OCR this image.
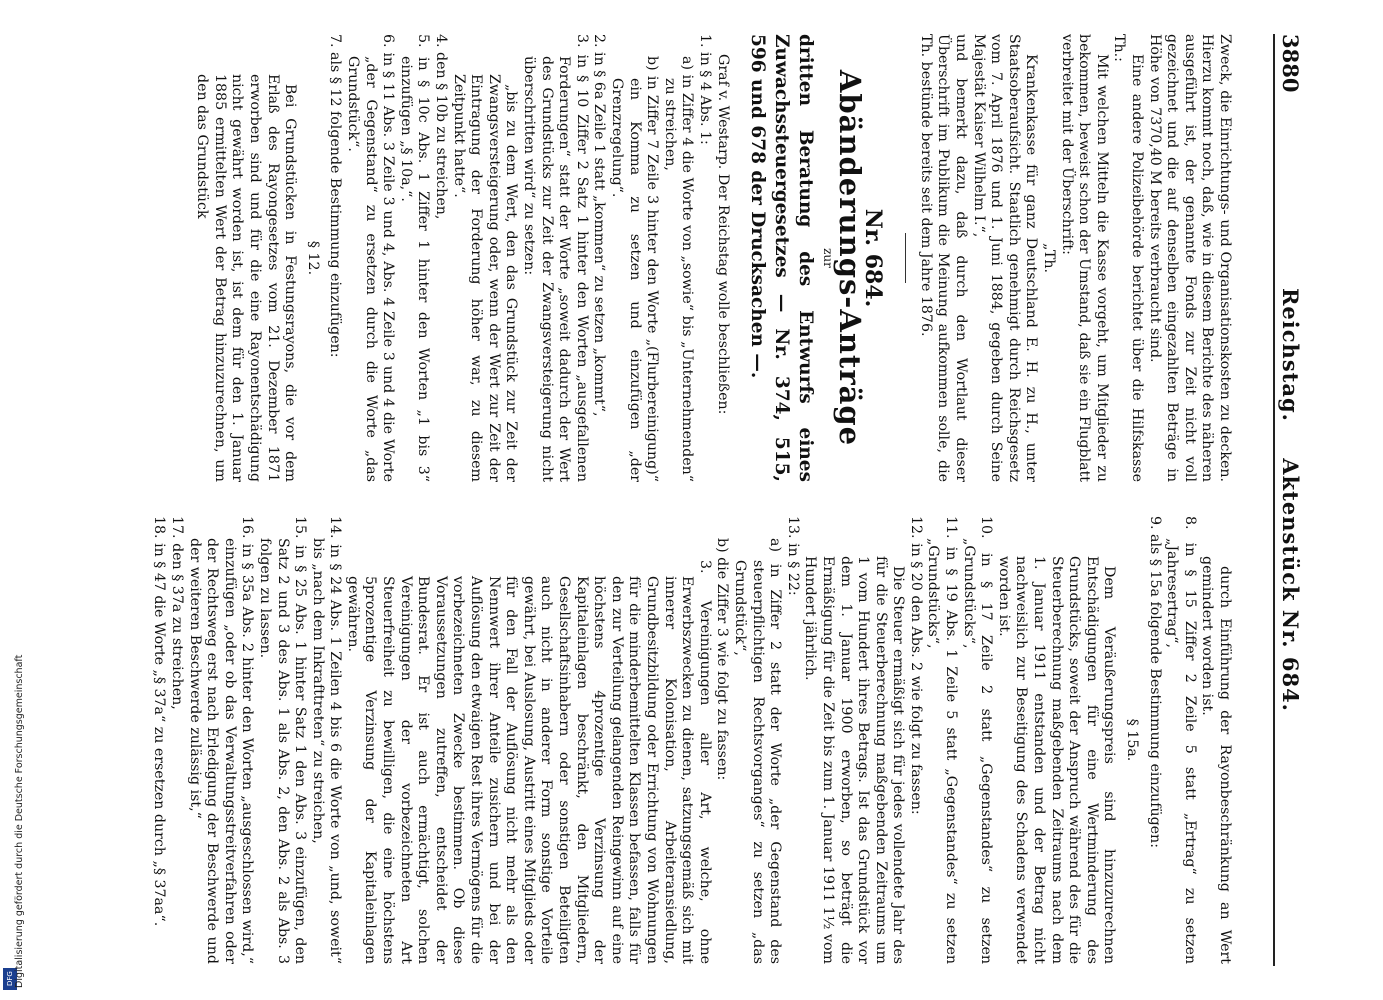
3880
Reichstag. Aktenstück Nr. 684.

Zweck, die Einrichtungs- und Organisationskosten zu decken. Hierzu kommt noch, daß, wie in diesem Berichte des näheren ausgeführt ist, der genannte Fonds zur Zeit nicht voll gezeichnet und die auf denselben eingezahlten Beträge in Höhe von 7370,40 M bereits verbraucht sind.

Eine andere Polizeibehörde berichtet über die Hilfskasse Th.:

Mit welchen Mitteln die Kasse vorgeht, um Mitglieder zu bekommen, beweist schon der Umstand, daß sie ein Flugblatt verbreitet mit der Überschrift:

„Th.

Krankenkasse für ganz Deutschland E. H. zu H., unter Staatsoberaufsicht. Staatlich genehmigt durch Reichsgesetz vom 7. April 1876 und 1. Juni 1884, gegeben durch Seine Majestät Kaiser Wilhelm I.“,

und bemerkt dazu, daß durch den Wortlaut dieser Überschrift im Publikum die Meinung aufkommen solle, die Th. bestünde bereits seit dem Jahre 1876.

Nr. 684.

Abänderungs-Anträge

zur

dritten Beratung des Entwurfs eines Zuwachssteuergesetzes — Nr. 374, 515, 596 und 678 der Drucksachen —.

Graf v. Westarp. Der Reichstag wolle beschließen:

1. in § 4 Abs. 1:

a) in Ziffer 4 die Worte von „sowie“ bis „Unternehmenden“ zu streichen,

b) in Ziffer 7 Zeile 3 hinter den Worte „(Flurbereinigung)“ ein Komma zu setzen und einzufügen „der Grenzregelung“.

2. in § 6a Zeile 1 statt „kommen“ zu setzen „kommt“,

3. in § 10 Ziffer 2 Satz 1 hinter den Worten „ausgefallenen Forderungen“ statt der Worte „soweit dadurch der Wert des Grundstücks zur Zeit der Zwangsversteigerung nicht überschritten wird“ zu setzen:

„bis zu dem Wert, den das Grundstück zur Zeit der Zwangsversteigerung oder, wenn der Wert zur Zeit der Eintragung der Forderung höher war, zu diesem Zeitpunkt hatte“.

4. den § 10b zu streichen,

5. in § 10c Abs. 1 Ziffer 1 hinter den Worten „1 bis 3“ einzufügen „§ 10a,“.

6. in § 11 Abs. 3 Zeile 3 und 4, Abs. 4 Zeile 3 und 4 die Worte „der Gegenstand“ zu ersetzen durch die Worte „das Grundstück“.

7. als § 12 folgende Bestimmung einzufügen:

§ 12.

Bei Grundstücken in Festungsrayons, die vor dem Erlaß des Rayongesetzes vom 21. Dezember 1871 erworben sind und für die eine Rayonentschädigung nicht gewährt worden ist, ist dem für den 1. Januar 1885 ermittelten Wert der Betrag hinzuzurechnen, um den das Grundstück

durch Einführung der Rayonbeschränkung an Wert gemindert worden ist.

8. in § 15 Ziffer 2 Zeile 5 statt „Ertrag“ zu setzen „Jahresertrag“,

9. als § 15a folgende Bestimmung einzufügen:

§ 15a.

Dem Veräußerungspreis sind hinzuzurechnen Entschädigungen für eine Wertminderung des Grundstücks, soweit der Anspruch während des für die Steuerberechnung maßgebenden Zeitraums nach dem 1. Januar 1911 entstanden und der Betrag nicht nachweislich zur Beseitigung des Schadens verwendet worden ist.

10. in § 17 Zeile 2 statt „Gegenstandes“ zu setzen „Grundstücks“,

11. in § 19 Abs. 1 Zeile 5 statt „Gegenstandes“ zu setzen „Grundstücks“,

12. in § 20 den Abs. 2 wie folgt zu fassen:

Die Steuer ermäßigt sich für jedes vollendete Jahr des für die Steuerberechnung maßgebenden Zeitraums um 1 vom Hundert ihres Betrags. Ist das Grundstück vor dem 1. Januar 1900 erworben, so beträgt die Ermäßigung für die Zeit bis zum 1. Januar 1911 1½ vom Hundert jährlich.

13. in § 22:

a) in Ziffer 2 statt der Worte „der Gegenstand des steuerpflichtigen Rechtsvorganges“ zu setzen „das Grundstück“,

b) die Ziffer 3 wie folgt zu fassen:

3. Vereinigungen aller Art, welche, ohne Erwerbszwecken zu dienen, satzungsgemäß sich mit innerer Kolonisation, Arbeiteransiedlung, Grundbesitzbildung oder Errichtung von Wohnungen für die minderbemittelten Klassen befassen, falls für den zur Verteilung gelangenden Reingewinn auf eine höchstens 4prozentige Verzinsung der Kapitaleinlagen beschränkt, den Mitgliedern, Gesellschaftsinhabern oder sonstigen Beteiligten auch nicht in anderer Form sonstige Vorteile gewährt, bei Auslosung, Austritt eines Mitglieds oder für den Fall der Auflösung nicht mehr als den Nennwert ihrer Anteile zusichern und bei der Auflösung den etwaigen Rest ihres Vermögens für die vorbezeichneten Zwecke bestimmen. Ob diese Voraussetzungen zutreffen, entscheidet der Bundesrat. Er ist auch ermächtigt, solchen Vereinigungen der vorbezeichneten Art Steuerfreiheit zu bewilligen, die eine höchstens 5prozentige Verzinsung der Kapitaleinlagen gewähren.

14. in § 24 Abs. 1 Zeilen 4 bis 6 die Worte von „und, soweit“ bis „nach dem Inkrafttreten“ zu streichen,

15. in § 25 Abs. 1 hinter Satz 1 den Abs. 3 einzufügen, den Satz 2 und 3 des Abs. 1 als Abs. 2, den Abs. 2 als Abs. 3 folgen zu lassen.

16. in § 35a Abs. 2 hinter den Worten „ausgeschlossen wird,“ einzufügen „oder ob das Verwaltungsstreitverfahren oder der Rechtsweg erst nach Erledigung der Beschwerde und der weiteren Beschwerde zulässig ist,“

17. den § 37a zu streichen,

18. in § 47 die Worte „§ 37a“ zu ersetzen durch „§ 37aa“.

DFG Digitalisierung gefördert durch die Deutsche Forschungsgemeinschaft
